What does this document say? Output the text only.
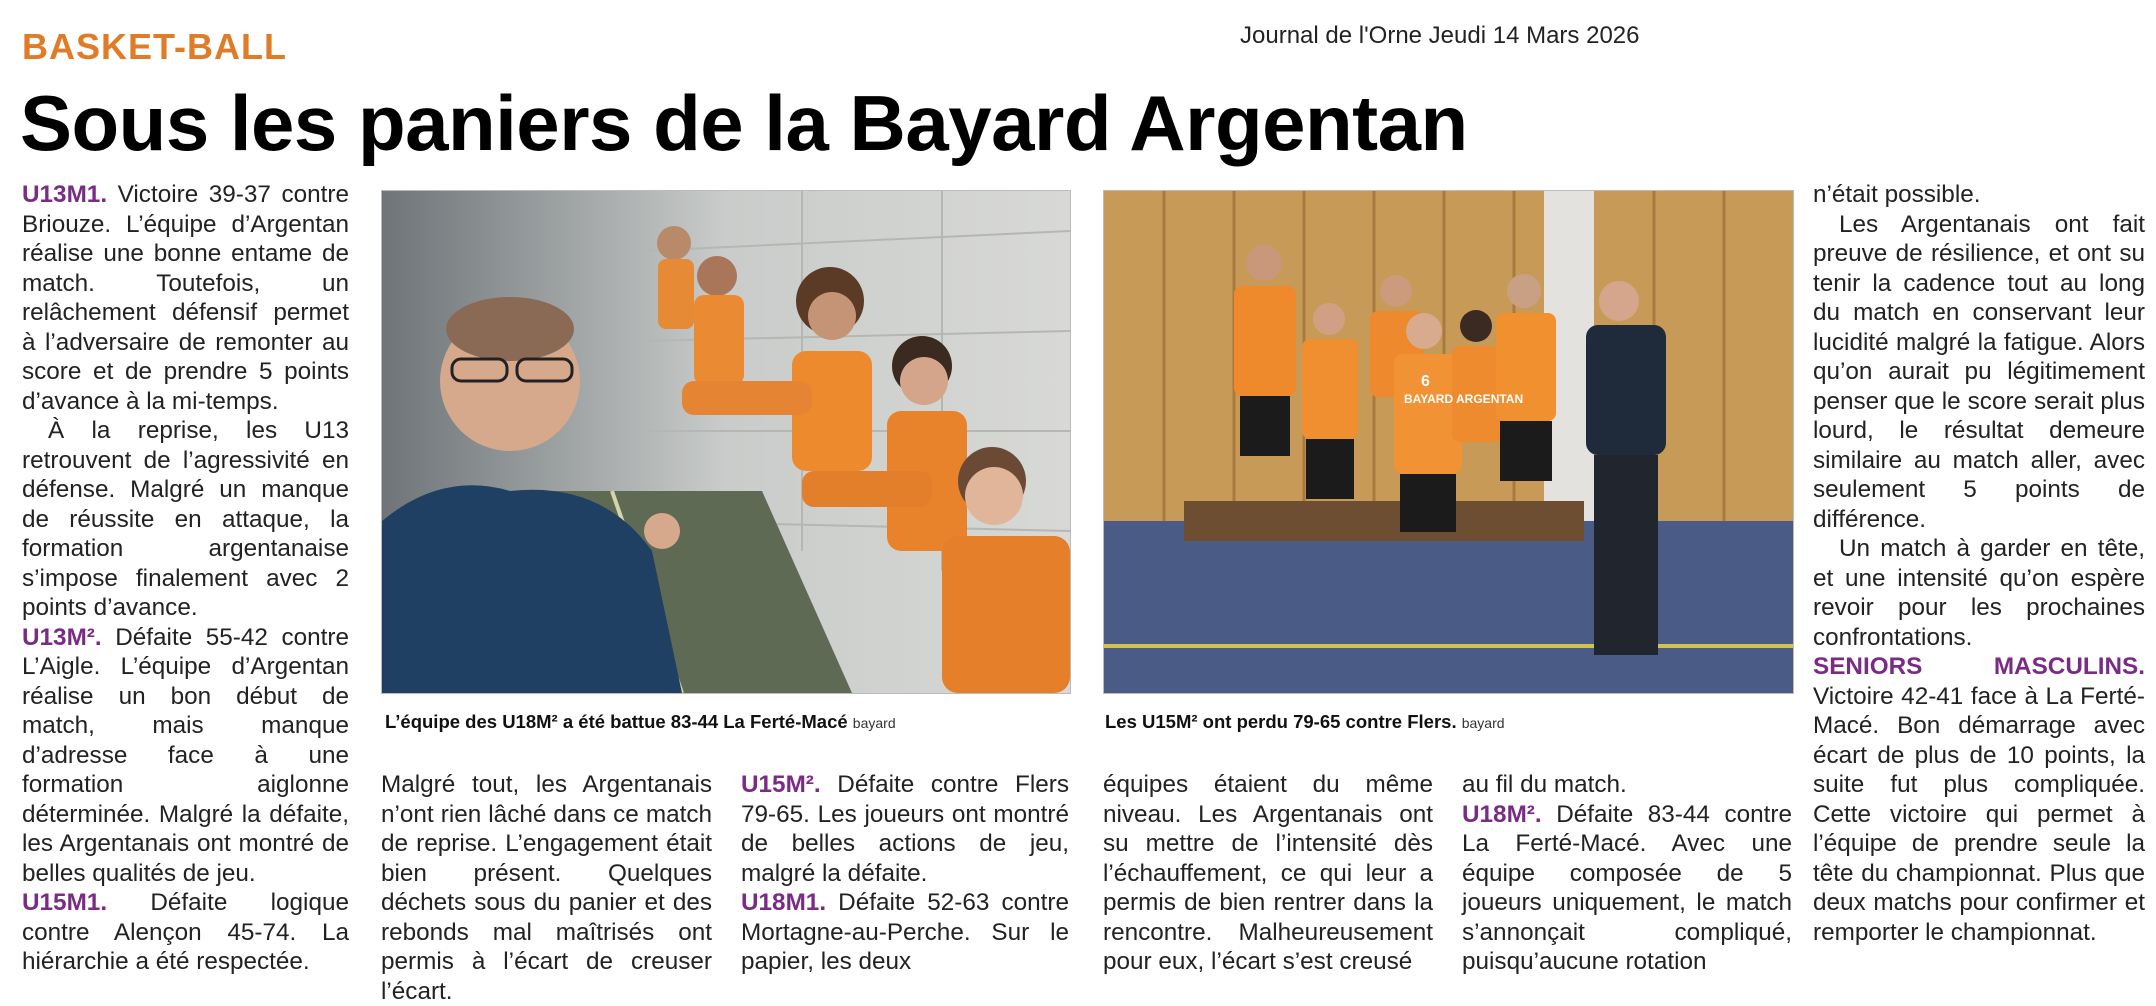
BASKET-BALL	Journal de l'Orne Jeudi 14 Mars 2026
Sous les paniers de la Bayard Argentan

U13M1. Victoire 39-37 contre Briouze. L’équipe d’Argentan réalise une bonne entame de match. Toutefois, un relâchement défensif permet à l’adversaire de remonter au score et de prendre 5 points d’avance à la mi-temps.

À la reprise, les U13 retrouvent de l’agressivité en défense. Malgré un manque de réussite en attaque, la formation argentanaise s’impose finalement avec 2 points d’avance.

U13M². Défaite 55-42 contre L’Aigle. L’équipe d’Argentan réalise un bon début de match, mais manque d’adresse face à une formation aiglonne déterminée. Malgré la défaite, les Argentanais ont montré de belles qualités de jeu.

U15M1. Défaite logique contre Alençon 45-74. La hiérarchie a été respectée.

L’équipe des U18M² a été battue 83-44 La Ferté-Macé bayard
BAYARD ARGENTAN
6
Les U15M² ont perdu 79-65 contre Flers. bayard

Malgré tout, les Argentanais n’ont rien lâché dans ce match de reprise. L’engagement était bien présent. Quelques déchets sous du panier et des rebonds mal maîtrisés ont permis à l’écart de creuser l’écart.

U15M². Défaite contre Flers 79-65. Les joueurs ont montré de belles actions de jeu, malgré la défaite.

U18M1. Défaite 52-63 contre Mortagne-au-Perche. Sur le papier, les deux

équipes étaient du même niveau. Les Argentanais ont su mettre de l’intensité dès l’échauffement, ce qui leur a permis de bien rentrer dans la rencontre. Malheureusement pour eux, l’écart s’est creusé

au fil du match.

U18M². Défaite 83-44 contre La Ferté-Macé. Avec une équipe composée de 5 joueurs uniquement, le match s’annonçait compliqué, puisqu’aucune rotation

n’était possible.

Les Argentanais ont fait preuve de résilience, et ont su tenir la cadence tout au long du match en conservant leur lucidité malgré la fatigue. Alors qu’on aurait pu légitimement penser que le score serait plus lourd, le résultat demeure similaire au match aller, avec seulement 5 points de différence.

Un match à garder en tête, et une intensité qu’on espère revoir pour les prochaines confrontations.

SENIORS MASCULINS. Victoire 42-41 face à La Ferté-Macé. Bon démarrage avec écart de plus de 10 points, la suite fut plus compliquée. Cette victoire qui permet à l’équipe de prendre seule la tête du championnat. Plus que deux matchs pour confirmer et remporter le championnat.
